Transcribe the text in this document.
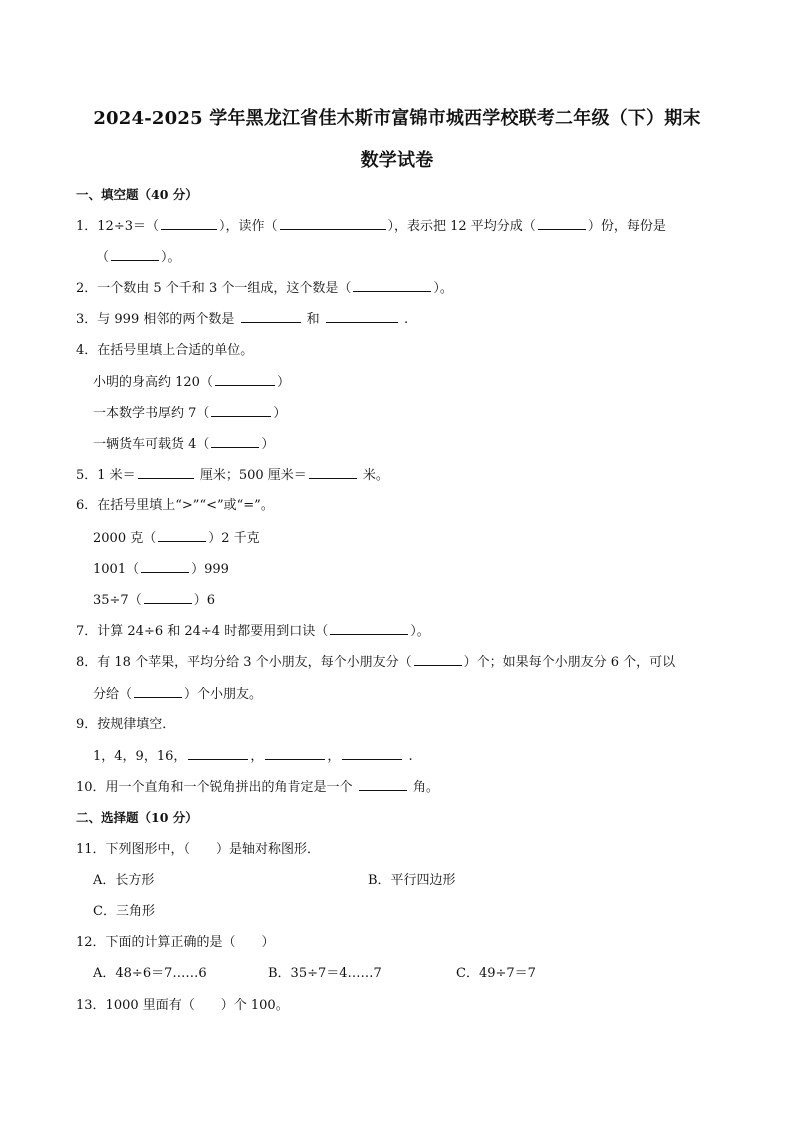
2024-2025 学年黑龙江省佳木斯市富锦市城西学校联考二年级（下）期末
数学试卷
一、填空题（40 分）
1．12÷3＝（	），读作（	），表示把 12 平均分成（	）份，每份是
（	）。
2．一个数由 5 个千和 3 个一组成，这个数是（	）。
3．与 999 相邻的两个数是	和	.
4．在括号里填上合适的单位。
小明的身高约 120（	）
一本数学书厚约 7（	）
一辆货车可载货 4（	）
5．1 米＝	厘米；500 厘米＝	米。
6．在括号里填上“>”“<”或“=”。
2000 克（	）2 千克
1001（	）999
35÷7（	）6
7．计算 24÷6 和 24÷4 时都要用到口诀（	）。
8．有 18 个苹果，平均分给 3 个小朋友，每个小朋友分（	）个；如果每个小朋友分 6 个，可以
分给（	）个小朋友。
9．按规律填空．
1，4，9，16，	，	，	.
10．用一个直角和一个锐角拼出的角肯定是一个	角。
二、选择题（10 分）
11．下列图形中，（　　）是轴对称图形．
A．长方形	B．平行四边形
C．三角形
12．下面的计算正确的是（　　）
A．48÷6＝7……6	B．35÷7＝4……7	C．49÷7＝7
13．1000 里面有（　　）个 100。
